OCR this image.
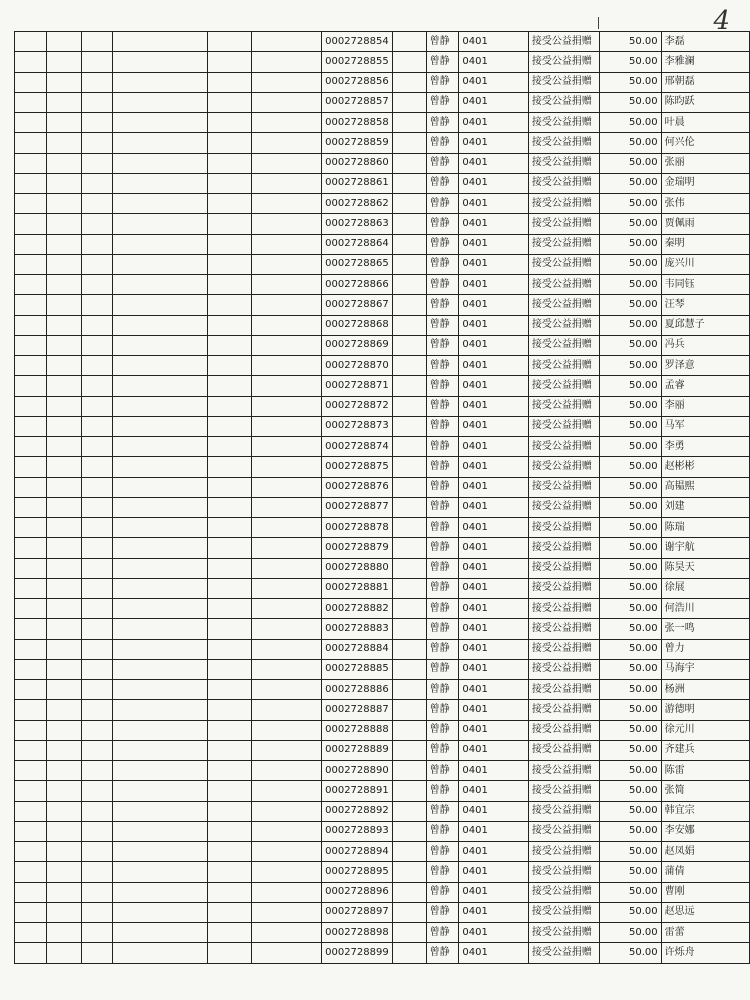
4
						0002728854		曾静	0401	接受公益捐赠	50.00	李磊
						0002728855		曾静	0401	接受公益捐赠	50.00	李雅澜
						0002728856		曾静	0401	接受公益捐赠	50.00	邢朝磊
						0002728857		曾静	0401	接受公益捐赠	50.00	陈昀跃
						0002728858		曾静	0401	接受公益捐赠	50.00	叶晨
						0002728859		曾静	0401	接受公益捐赠	50.00	何兴伦
						0002728860		曾静	0401	接受公益捐赠	50.00	张丽
						0002728861		曾静	0401	接受公益捐赠	50.00	金瑞明
						0002728862		曾静	0401	接受公益捐赠	50.00	张伟
						0002728863		曾静	0401	接受公益捐赠	50.00	贾佩雨
						0002728864		曾静	0401	接受公益捐赠	50.00	秦明
						0002728865		曾静	0401	接受公益捐赠	50.00	庞兴川
						0002728866		曾静	0401	接受公益捐赠	50.00	韦同钰
						0002728867		曾静	0401	接受公益捐赠	50.00	汪琴
						0002728868		曾静	0401	接受公益捐赠	50.00	夏邱慧子
						0002728869		曾静	0401	接受公益捐赠	50.00	冯兵
						0002728870		曾静	0401	接受公益捐赠	50.00	罗泽意
						0002728871		曾静	0401	接受公益捐赠	50.00	孟睿
						0002728872		曾静	0401	接受公益捐赠	50.00	李丽
						0002728873		曾静	0401	接受公益捐赠	50.00	马军
						0002728874		曾静	0401	接受公益捐赠	50.00	李勇
						0002728875		曾静	0401	接受公益捐赠	50.00	赵彬彬
						0002728876		曾静	0401	接受公益捐赠	50.00	高韫熙
						0002728877		曾静	0401	接受公益捐赠	50.00	刘建
						0002728878		曾静	0401	接受公益捐赠	50.00	陈瑞
						0002728879		曾静	0401	接受公益捐赠	50.00	谢宇航
						0002728880		曾静	0401	接受公益捐赠	50.00	陈昊天
						0002728881		曾静	0401	接受公益捐赠	50.00	徐展
						0002728882		曾静	0401	接受公益捐赠	50.00	何浩川
						0002728883		曾静	0401	接受公益捐赠	50.00	张一鸣
						0002728884		曾静	0401	接受公益捐赠	50.00	曾力
						0002728885		曾静	0401	接受公益捐赠	50.00	马海宇
						0002728886		曾静	0401	接受公益捐赠	50.00	杨洲
						0002728887		曾静	0401	接受公益捐赠	50.00	游德明
						0002728888		曾静	0401	接受公益捐赠	50.00	徐元川
						0002728889		曾静	0401	接受公益捐赠	50.00	齐建兵
						0002728890		曾静	0401	接受公益捐赠	50.00	陈雷
						0002728891		曾静	0401	接受公益捐赠	50.00	张简
						0002728892		曾静	0401	接受公益捐赠	50.00	韩宜宗
						0002728893		曾静	0401	接受公益捐赠	50.00	李安娜
						0002728894		曾静	0401	接受公益捐赠	50.00	赵凤娟
						0002728895		曾静	0401	接受公益捐赠	50.00	蒲倩
						0002728896		曾静	0401	接受公益捐赠	50.00	曹刚
						0002728897		曾静	0401	接受公益捐赠	50.00	赵思远
						0002728898		曾静	0401	接受公益捐赠	50.00	雷蕾
						0002728899		曾静	0401	接受公益捐赠	50.00	许烁舟
